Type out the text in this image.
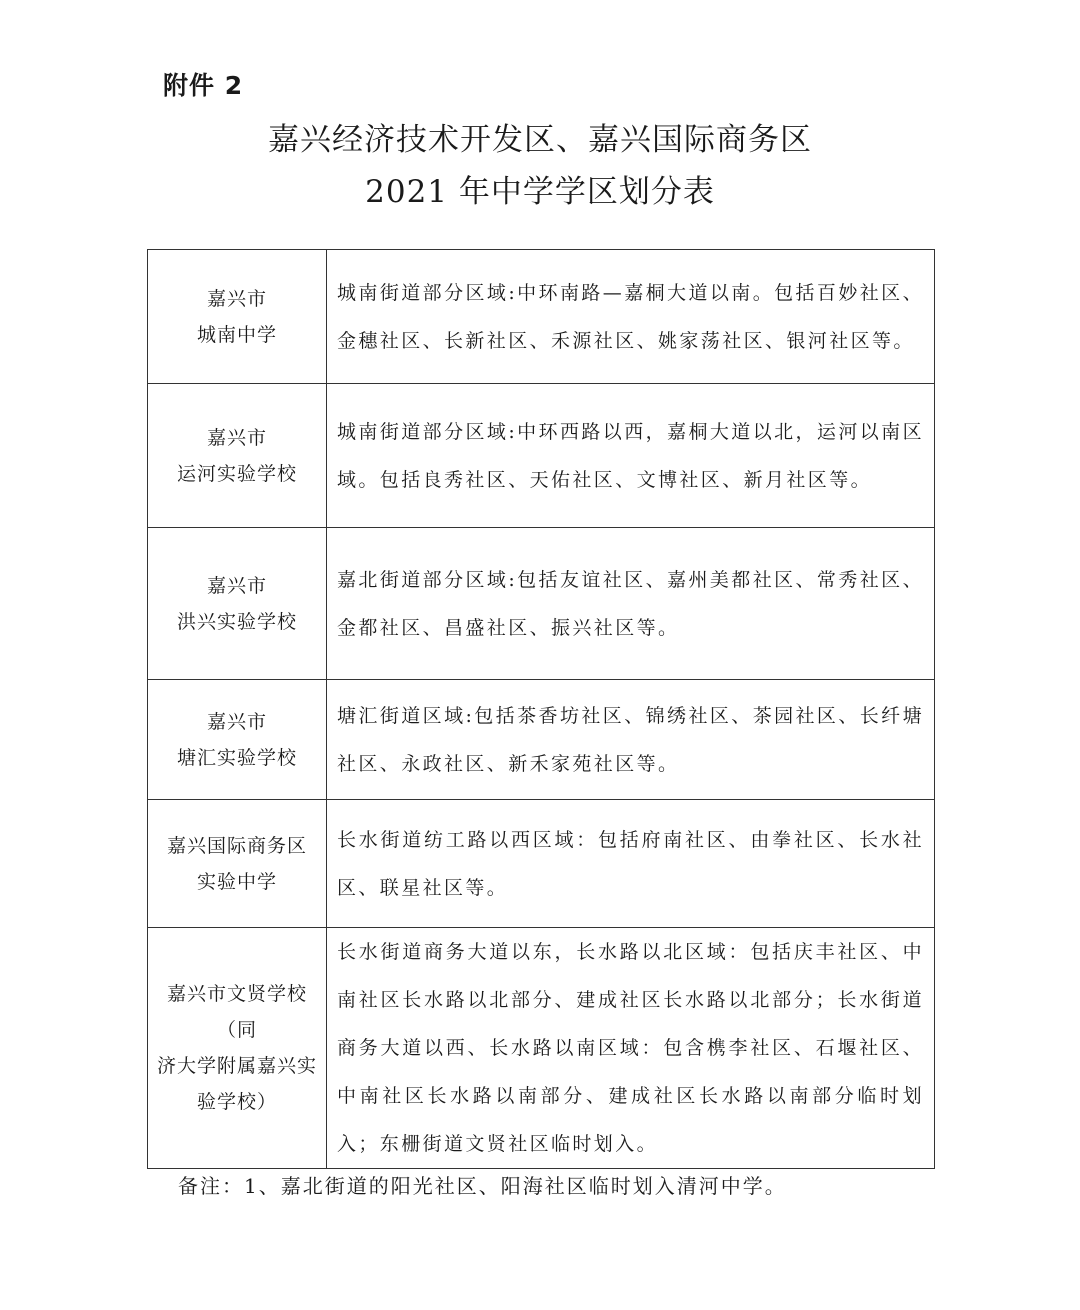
附件 2
嘉兴经济技术开发区、嘉兴国际商务区
2021 年中学学区划分表
嘉兴市
城南中学	城南街道部分区域:中环南路—嘉桐大道以南。包括百妙社区、金穗社区、长新社区、禾源社区、姚家荡社区、银河社区等。

嘉兴市
运河实验学校	城南街道部分区域:中环西路以西，嘉桐大道以北，运河以南区域。包括良秀社区、天佑社区、文博社区、新月社区等。

嘉兴市
洪兴实验学校	嘉北街道部分区域:包括友谊社区、嘉州美都社区、常秀社区、金都社区、昌盛社区、振兴社区等。

嘉兴市
塘汇实验学校	塘汇街道区域:包括茶香坊社区、锦绣社区、茶园社区、长纤塘社区、永政社区、新禾家苑社区等。

嘉兴国际商务区
实验中学	长水街道纺工路以西区域：包括府南社区、由拳社区、长水社区、联星社区等。

嘉兴市文贤学校（同
济大学附属嘉兴实
验学校）	长水街道商务大道以东，长水路以北区域：包括庆丰社区、中南社区长水路以北部分、建成社区长水路以北部分；长水街道商务大道以西、长水路以南区域：包含槜李社区、石堰社区、中南社区长水路以南部分、建成社区长水路以南部分临时划入；东栅街道文贤社区临时划入。
备注：1、嘉北街道的阳光社区、阳海社区临时划入清河中学。
